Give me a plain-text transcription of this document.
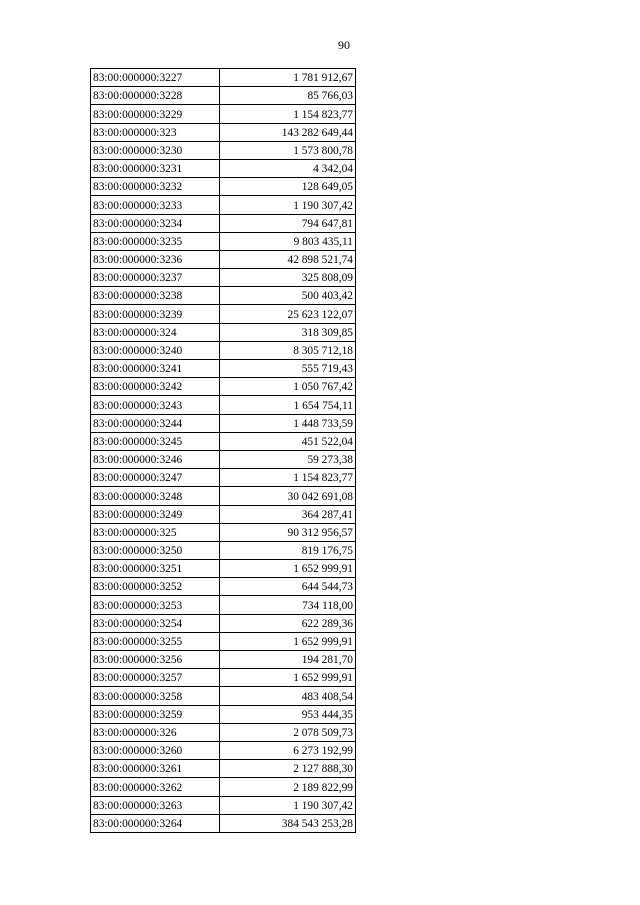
90
83:00:000000:3227	1 781 912,67
83:00:000000:3228	85 766,03
83:00:000000:3229	1 154 823,77
83:00:000000:323	143 282 649,44
83:00:000000:3230	1 573 800,78
83:00:000000:3231	4 342,04
83:00:000000:3232	128 649,05
83:00:000000:3233	1 190 307,42
83:00:000000:3234	794 647,81
83:00:000000:3235	9 803 435,11
83:00:000000:3236	42 898 521,74
83:00:000000:3237	325 808,09
83:00:000000:3238	500 403,42
83:00:000000:3239	25 623 122,07
83:00:000000:324	318 309,85
83:00:000000:3240	8 305 712,18
83:00:000000:3241	555 719,43
83:00:000000:3242	1 050 767,42
83:00:000000:3243	1 654 754,11
83:00:000000:3244	1 448 733,59
83:00:000000:3245	451 522,04
83:00:000000:3246	59 273,38
83:00:000000:3247	1 154 823,77
83:00:000000:3248	30 042 691,08
83:00:000000:3249	364 287,41
83:00:000000:325	90 312 956,57
83:00:000000:3250	819 176,75
83:00:000000:3251	1 652 999,91
83:00:000000:3252	644 544,73
83:00:000000:3253	734 118,00
83:00:000000:3254	622 289,36
83:00:000000:3255	1 652 999,91
83:00:000000:3256	194 281,70
83:00:000000:3257	1 652 999,91
83:00:000000:3258	483 408,54
83:00:000000:3259	953 444,35
83:00:000000:326	2 078 509,73
83:00:000000:3260	6 273 192,99
83:00:000000:3261	2 127 888,30
83:00:000000:3262	2 189 822,99
83:00:000000:3263	1 190 307,42
83:00:000000:3264	384 543 253,28
